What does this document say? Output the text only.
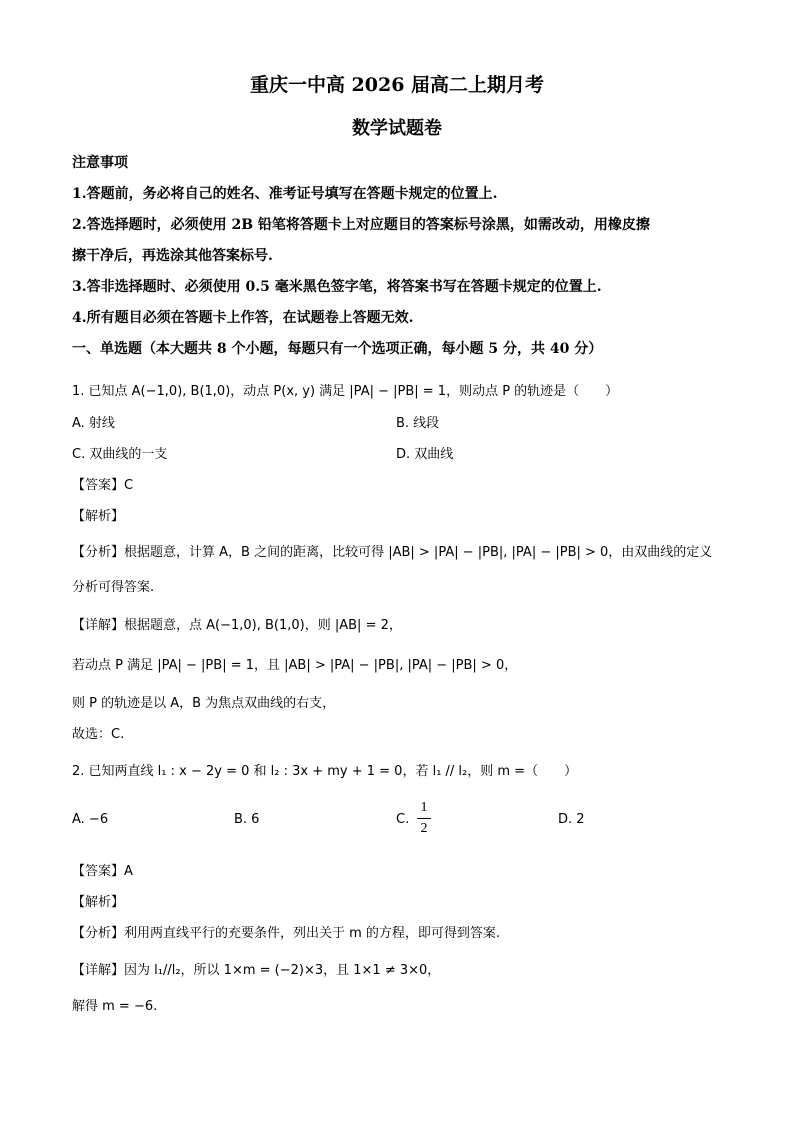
重庆一中高 2026 届高二上期月考
数学试题卷
注意事项
1.答题前，务必将自己的姓名、准考证号填写在答题卡规定的位置上.
2.答选择题时，必须使用 2B 铅笔将答题卡上对应题目的答案标号涂黑，如需改动，用橡皮擦
擦干净后，再选涂其他答案标号.
3.答非选择题时、必须使用 0.5 毫米黑色签字笔，将答案书写在答题卡规定的位置上.
4.所有题目必须在答题卡上作答，在试题卷上答题无效.
一、单选题（本大题共 8 个小题，每题只有一个选项正确，每小题 5 分，共 40 分）
1. 已知点 A(−1,0), B(1,0)，动点 P(x, y) 满足 |PA| − |PB| = 1，则动点 P 的轨迹是（　　）
A. 射线	B. 线段
C. 双曲线的一支	D. 双曲线
【答案】C
【解析】
【分析】根据题意，计算 A，B 之间的距离，比较可得 |AB| > |PA| − |PB|, |PA| − |PB| > 0，由双曲线的定义
分析可得答案.
【详解】根据题意，点 A(−1,0), B(1,0)，则 |AB| = 2，
若动点 P 满足 |PA| − |PB| = 1，且 |AB| > |PA| − |PB|, |PA| − |PB| > 0，
则 P 的轨迹是以 A，B 为焦点双曲线的右支，
故选：C.
2. 已知两直线 l₁ : x − 2y = 0 和 l₂ : 3x + my + 1 = 0，若 l₁ // l₂，则 m =（　　）
A. −6	B. 6	C.
1
2
D. 2
【答案】A
【解析】
【分析】利用两直线平行的充要条件，列出关于 m 的方程，即可得到答案.
【详解】因为 l₁//l₂，所以 1×m = (−2)×3，且 1×1 ≠ 3×0，
解得 m = −6.
